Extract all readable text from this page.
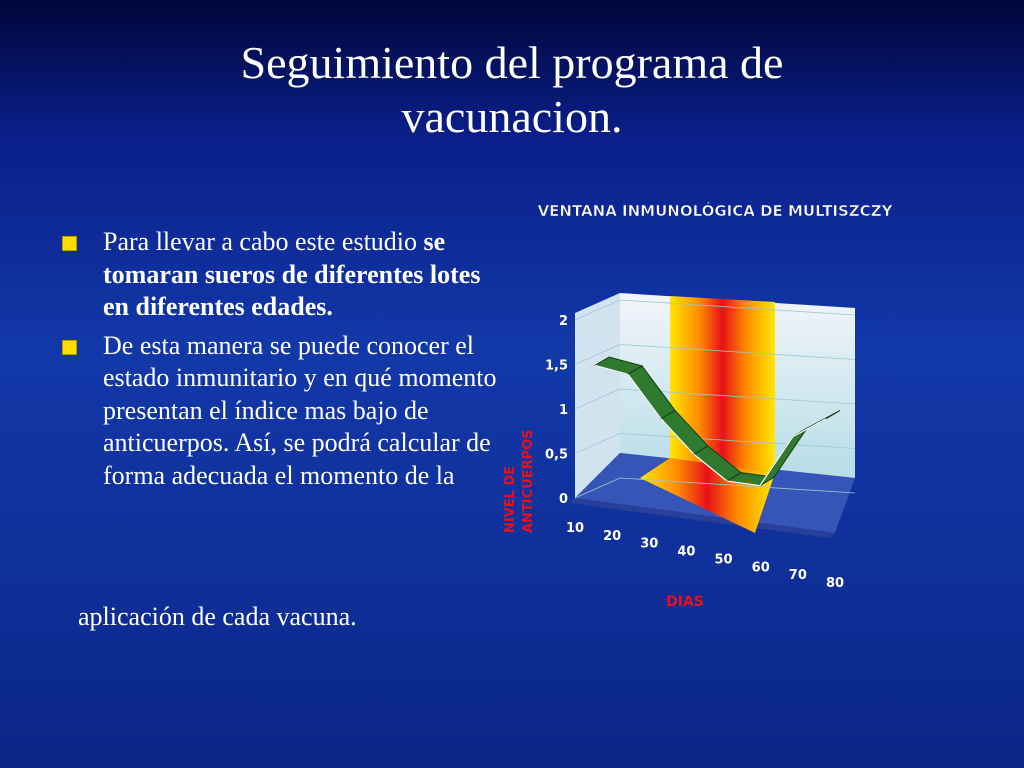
Seguimiento del programa de vacunacion.
Para llevar a cabo este estudio se tomaran sueros de diferentes lotes en diferentes edades.
De esta manera se puede conocer el estado inmunitario y en qué momento presentan el índice mas bajo de anticuerpos. Así, se podrá calcular de forma adecuada el momento de la
aplicación de cada vacuna.
VENTANA INMUNOLÓGICA DE MULTISZCZY
2
1,5
1
0,5
0
NIVEL DE ANTICUERPOS 10
20
30
40
50
60
70
80
DIAS
